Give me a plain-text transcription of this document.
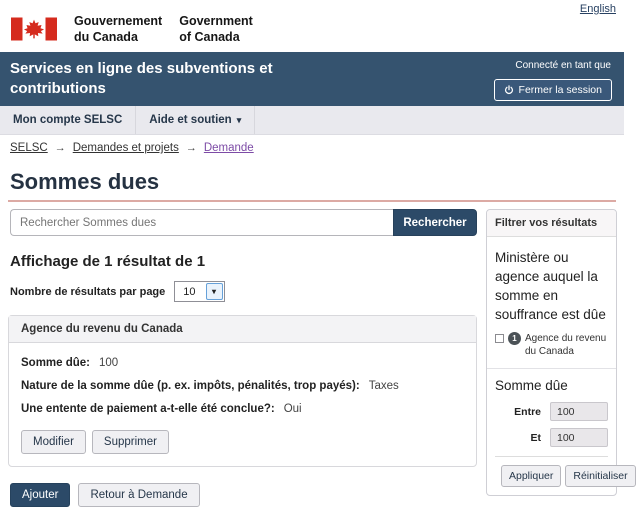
English
Gouvernement
du Canada
Government
of Canada
Services en ligne des subventions et contributions
Connecté en tant que
Fermer la session
Mon compte SELSC Aide et soutien ▾
SELSC → Demandes et projets → Demande
Sommes dues
Rechercher Sommes dues
Rechercher
Affichage de 1 résultat de 1
Nombre de résultats par page	10	▾
Agence du revenu du Canada
Somme dûe: 100
Nature de la somme dûe (p. ex. impôts, pénalités, trop payés): Taxes
Une entente de paiement a-t-elle été conclue?: Oui
Modifier	Supprimer
Ajouter	Retour à Demande
Filtrer vos résultats
Ministère ou agence auquel la somme en souffrance est dûe
1 Agence du revenu du Canada
Somme dûe
Entre
100
Et
100
Appliquer	Réinitialiser
